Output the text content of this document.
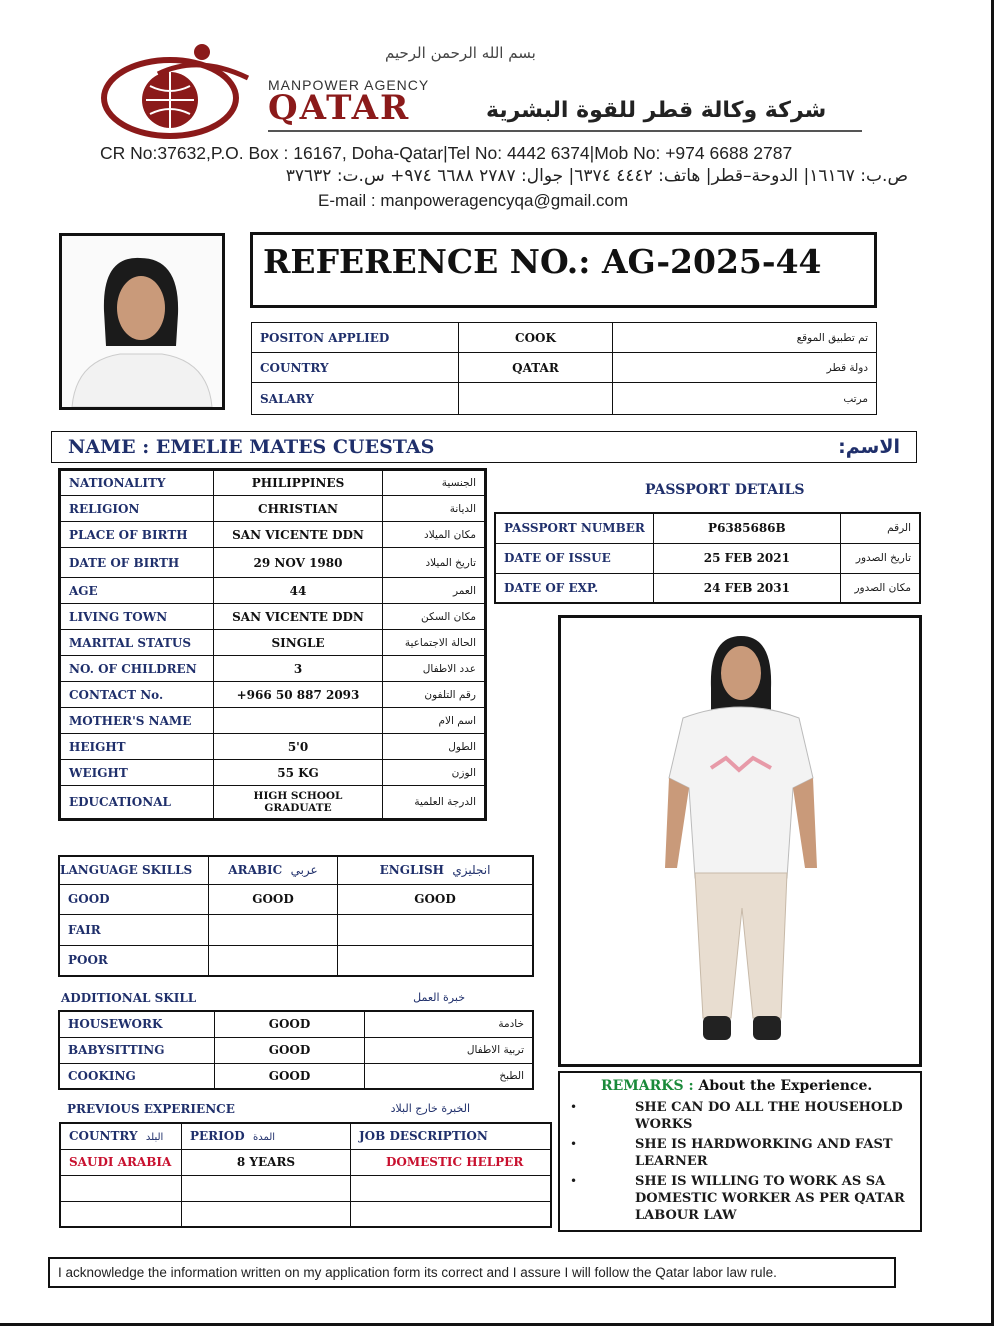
بسم الله الرحمن الرحيم
MANPOWER AGENCY
QATAR	شركة وكالة قطر للقوة البشرية
CR No:37632,P.O. Box : 16167, Doha-Qatar|Tel No: 4442 6374|Mob No: +974 6688 2787
ص.ب: ١٦١٦٧| الدوحة–قطر| هاتف: ٤٤٤٢ ٦٣٧٤| جوال: ٢٧٨٧ ٦٦٨٨ ٩٧٤+ س.ت: ٣٧٦٣٢
E-mail : manpoweragencyqa@gmail.com
REFERENCE NO.: AG-2025-44
POSITON APPLIED	COOK	تم تطبيق الموقع
COUNTRY	QATAR	دولة قطر
SALARY		مرتب
NAME : EMELIE MATES CUESTAS	الاسم:
NATIONALITY	PHILIPPINES	الجنسية
RELIGION	CHRISTIAN	الديانة
PLACE OF BIRTH	SAN VICENTE DDN	مكان الميلاد
DATE OF BIRTH	29 NOV 1980	تاريخ الميلاد
AGE	44	العمر
LIVING TOWN	SAN VICENTE DDN	مكان السكن
MARITAL STATUS	SINGLE	الحالة الاجتماعية
NO. OF CHILDREN	3	عدد الاطفال
CONTACT No.	+966 50 887 2093	رقم التلفون
MOTHER'S NAME		اسم الام
HEIGHT	5'0	الطول
WEIGHT	55 KG	الوزن
EDUCATIONAL	HIGH SCHOOL GRADUATE	الدرجة العلمية
PASSPORT DETAILS
PASSPORT NUMBER	P6385686B	الرقم
DATE OF ISSUE	25 FEB 2021	تاريخ الصدور
DATE OF EXP.	24 FEB 2031	مكان الصدور
LANGUAGE SKILLS	ARABIC عربي	ENGLISH انجليزي
GOOD	GOOD	GOOD
FAIR		
POOR		
ADDITIONAL SKILL	خبرة العمل
HOUSEWORK	GOOD	خادمة
BABYSITTING	GOOD	تربية الاطفال
COOKING	GOOD	الطبخ
PREVIOUS EXPERIENCE	الخبرة خارج البلاد
COUNTRY البلد	PERIOD المدة	JOB DESCRIPTION
SAUDI ARABIA	8 YEARS	DOMESTIC HELPER

REMARKS : About the Experience.
•	SHE CAN DO ALL THE HOUSEHOLD WORKS
•	SHE IS HARDWORKING AND FAST LEARNER
•	SHE IS WILLING TO WORK AS SA DOMESTIC WORKER AS PER QATAR LABOUR LAW
I acknowledge the information written on my application form its correct and I assure I will follow the Qatar labor law rule.
